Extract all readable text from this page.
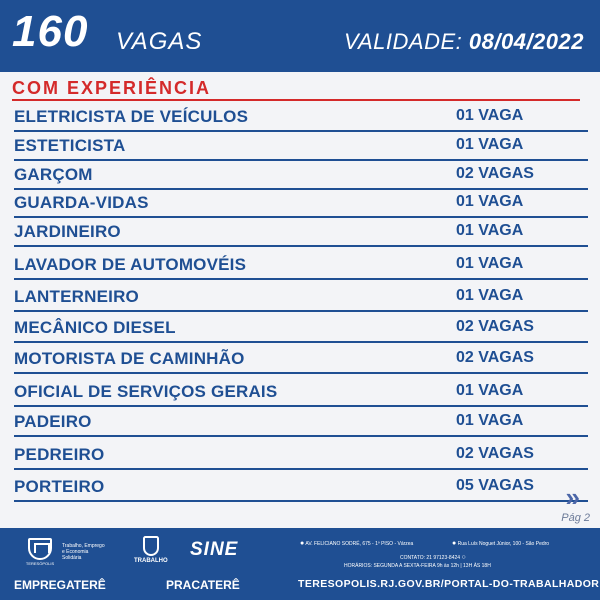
160 VAGAS	VALIDADE: 08/04/2022
COM EXPERIÊNCIA
ELETRICISTA DE VEÍCULOS	01 VAGA
ESTETICISTA	01 VAGA
GARÇOM	02 VAGAS
GUARDA-VIDAS	01 VAGA
JARDINEIRO	01 VAGA
LAVADOR DE AUTOMOVÉIS	01 VAGA
LANTERNEIRO	01 VAGA
MECÂNICO DIESEL	02 VAGAS
MOTORISTA DE CAMINHÃO	02 VAGAS
OFICIAL DE SERVIÇOS GERAIS	01 VAGA
PADEIRO	01 VAGA
PEDREIRO	02 VAGAS
PORTEIRO	05 VAGAS »
Pág 2
TERESÓPOLIS
Trabalho, Emprego
e Economia
Solidária	TRABALHO
SINE
EMPREGATERÊ	PRACATERÊ
● AV. FELICIANO SODRÉ, 675 - 1º PISO - Várzea	● Rua Luís Noguet Júnior, 100 - São Pedro
CONTATO: 21 97123-8424 ○
HORÁRIOS: SEGUNDA A SEXTA-FEIRA 9h às 12h | 13H ÀS 18H
TERESOPOLIS.RJ.GOV.BR/PORTAL-DO-TRABALHADOR
